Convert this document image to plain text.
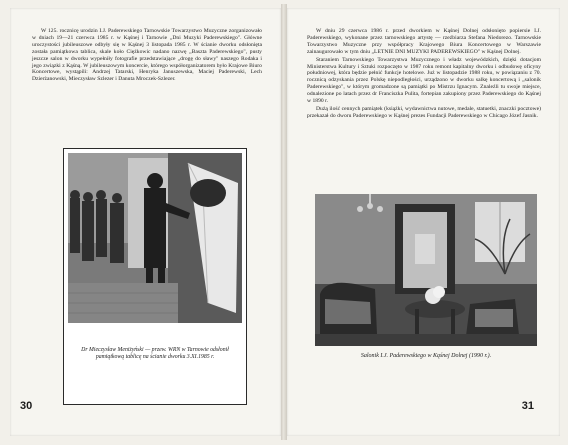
W 125. rocznicę urodzin I.J. Paderewskiego Tarnowskie Towarzystwo Muzyczne zorganizowało w dniach 19—21 czerwca 1985 r. w Kąśnej i Tarnowie „Dni Muzyki Paderewskiego". Główne uroczystości jubileuszowe odbyły się w Kąśnej 3 listopada 1985 r. W ścianie dworku odsłonięta została pamiątkowa tablica, skale koło Cięźkowic nadano nazwę „Baszta Paderewskiego", pusty jeszcze salon w dworku wypełniły fotografie przedstawiające „drogę do sławy" naszego Rodaka i jego związki z Kąśną. W jubileuszowym koncercie, którego współorganizatorem było Krajowe Biuro Koncertowe, wystąpili: Andrzej Tatarski, Henryka Januszewska, Maciej Paderewski, Lech Dzierżanowski, Mieczysław Szlezer i Danuta Mroczek-Szlezer.

Dr Mieczysław Meniżyński — przew. WRN w Tarnowie odsłonił pamiątkową tablicę na ścianie dworku 3.XI.1985 r.
30

W dniu 29 czerwca 1986 r. przed dworkiem w Kąśnej Dolnej odsłonięto popiersie I.J. Paderewskiego, wykonane przez tarnowskiego artystę — rzeźbiarza Stefana Niedorezo. Tarnowskie Towarzystwo Muzyczne przy współpracy Krajowego Biura Koncertowego w Warszawie zainaugurowało w tym dniu „LETNIE DNI MUZYKI PADEREWSKIEGO" w Kąśnej Dolnej.

Staraniem Tarnowskiego Towarzystwa Muzycznego i władz wojewódzkich, dzięki dotacjom Ministerstwa Kultury i Sztuki rozpoczęto w 1987 roku remont kapitalny dworku i odbudowę oficyny południowej, która będzie pełnić funkcje hotelowe. Już w listopadzie 1988 roku, w powiązaniu z 70. rocznicą odzyskania przez Polskę niepodległości, urządzono w dworku salkę koncertową i „salonik Paderewskiego", w którym gromadzone są pamiątki po Mistrzu Ignacym. Znaleźli tu swoje miejsce, odnalezione po latach przez dr Franciszka Pulita, fortepian zakupiony przez Paderewskiego do Kąśnej w 1890 r.

Dużą ilość cennych pamiątek (książki, wydawnictwa nutowe, medale, statuetki, znaczki pocztowe) przekazał do dworu Paderewskiego w Kąśnej prezes Fundacji Paderewskiego w Chicago Józef Jasnik.

Salonik I.J. Paderewskiego w Kąśnej Dolnej (1990 r.).
31
